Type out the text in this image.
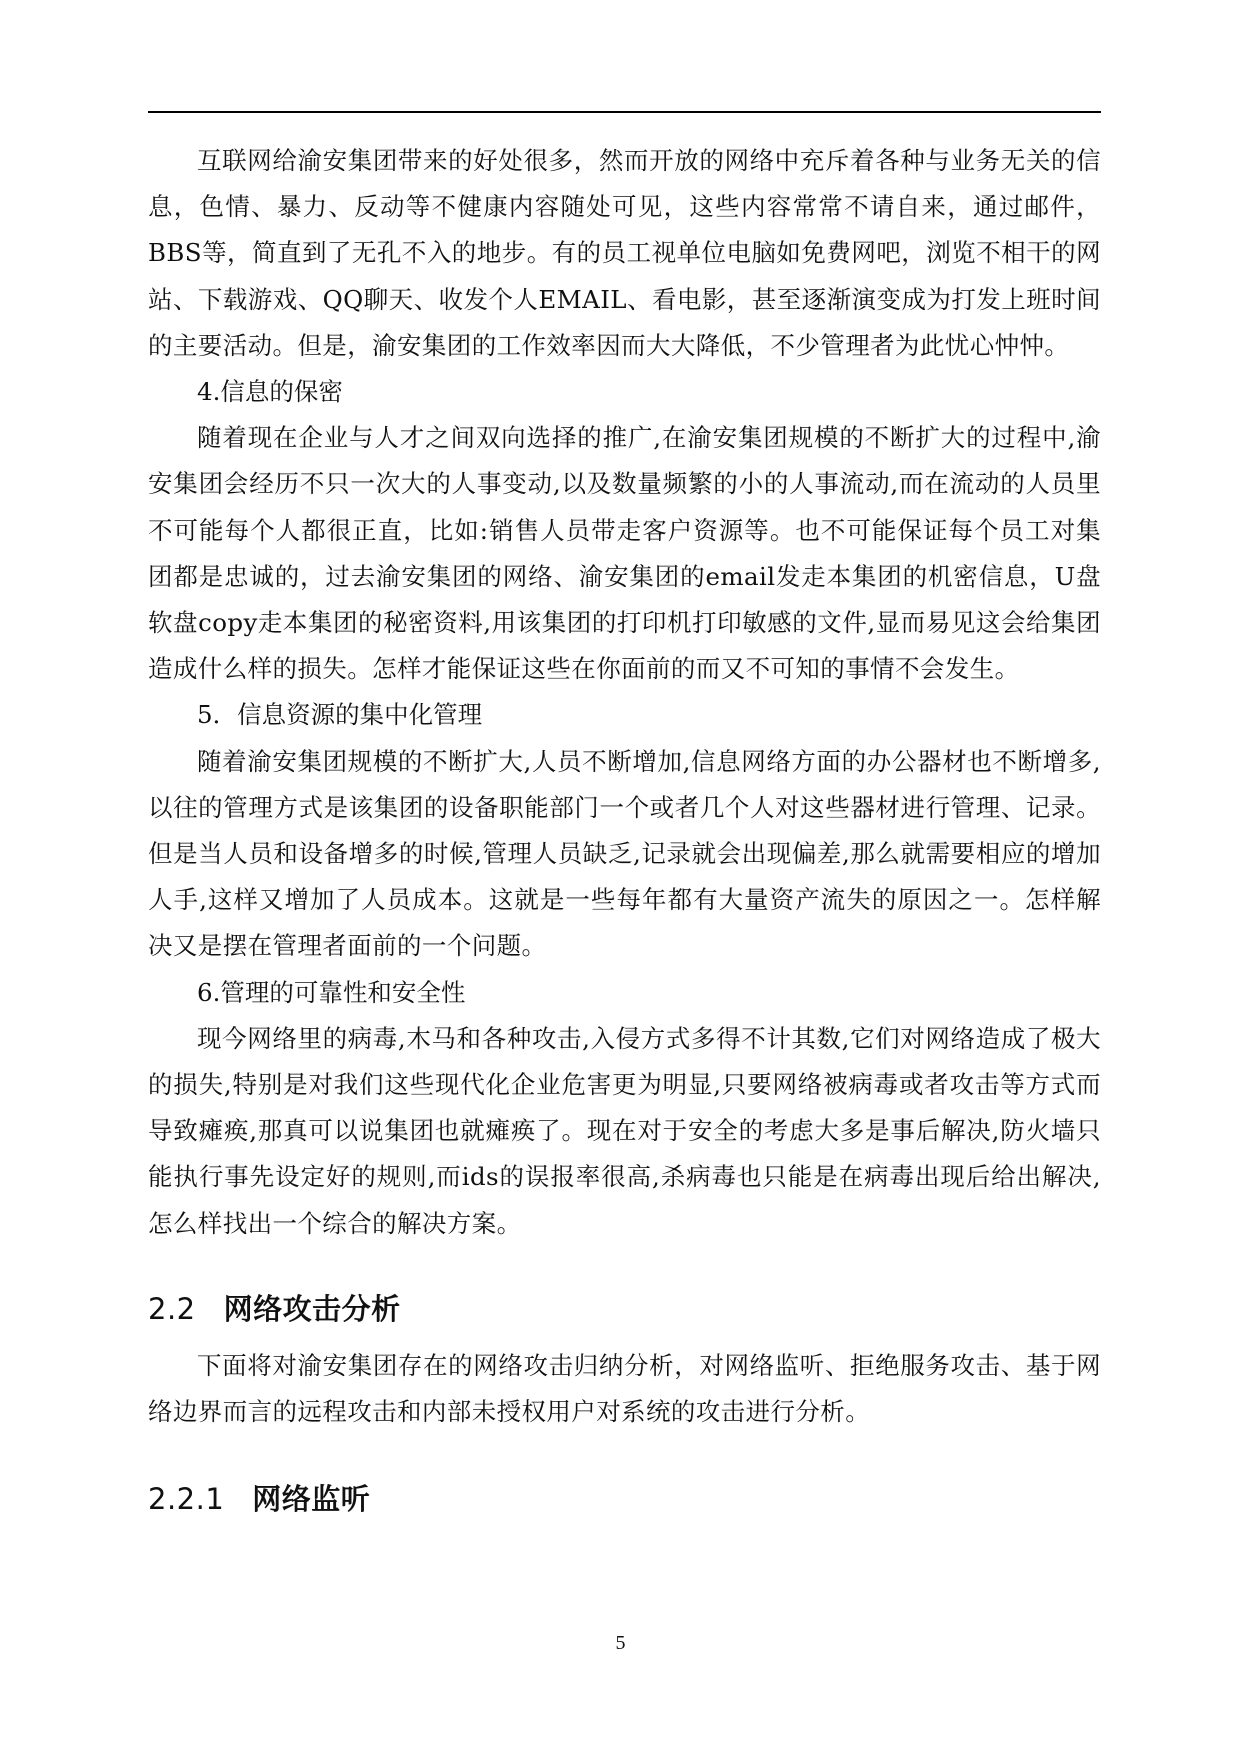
互联网给渝安集团带来的好处很多，然而开放的网络中充斥着各种与业务无关的信息，色情、暴力、反动等不健康内容随处可见，这些内容常常不请自来，通过邮件，BBS等，简直到了无孔不入的地步。有的员工视单位电脑如免费网吧，浏览不相干的网站、下载游戏、QQ聊天、收发个人EMAIL、看电影，甚至逐渐演变成为打发上班时间的主要活动。但是，渝安集团的工作效率因而大大降低，不少管理者为此忧心忡忡。

4.信息的保密

随着现在企业与人才之间双向选择的推广,在渝安集团规模的不断扩大的过程中,渝安集团会经历不只一次大的人事变动,以及数量频繁的小的人事流动,而在流动的人员里不可能每个人都很正直，比如:销售人员带走客户资源等。也不可能保证每个员工对集团都是忠诚的，过去渝安集团的网络、渝安集团的email发走本集团的机密信息，U盘软盘copy走本集团的秘密资料,用该集团的打印机打印敏感的文件,显而易见这会给集团造成什么样的损失。怎样才能保证这些在你面前的而又不可知的事情不会发生。

5．信息资源的集中化管理

随着渝安集团规模的不断扩大,人员不断增加,信息网络方面的办公器材也不断增多,以往的管理方式是该集团的设备职能部门一个或者几个人对这些器材进行管理、记录。但是当人员和设备增多的时候,管理人员缺乏,记录就会出现偏差,那么就需要相应的增加人手,这样又增加了人员成本。这就是一些每年都有大量资产流失的原因之一。怎样解决又是摆在管理者面前的一个问题。

6.管理的可靠性和安全性

现今网络里的病毒,木马和各种攻击,入侵方式多得不计其数,它们对网络造成了极大的损失,特别是对我们这些现代化企业危害更为明显,只要网络被病毒或者攻击等方式而导致瘫痪,那真可以说集团也就瘫痪了。现在对于安全的考虑大多是事后解决,防火墙只能执行事先设定好的规则,而ids的误报率很高,杀病毒也只能是在病毒出现后给出解决,怎么样找出一个综合的解决方案。

2.2 网络攻击分析

下面将对渝安集团存在的网络攻击归纳分析，对网络监听、拒绝服务攻击、基于网络边界而言的远程攻击和内部未授权用户对系统的攻击进行分析。

2.2.1 网络监听
5
